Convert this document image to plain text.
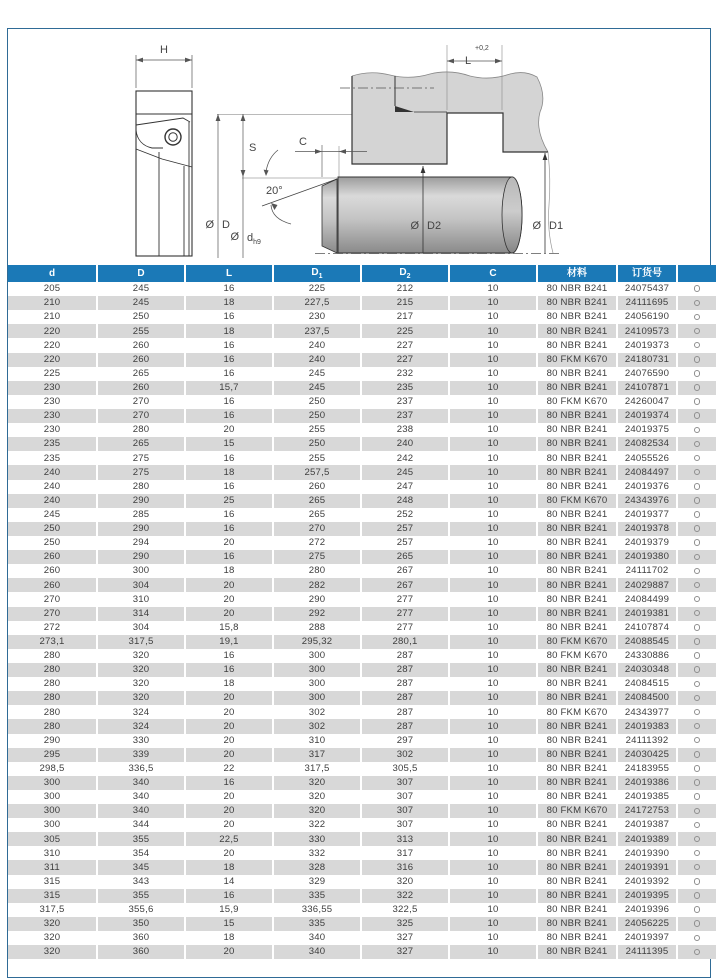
H
Ø D
S
Ø $d_{h9}$
20°
L
+0,2
C
Ø D2	Ø D1
d	D	L	$D_1$	$D_2$	C	材料	订货号	
205	245	16	225	212	10	80 NBR B241	24075437	
210	245	18	227,5	215	10	80 NBR B241	24111695	
210	250	16	230	217	10	80 NBR B241	24056190	
220	255	18	237,5	225	10	80 NBR B241	24109573	
220	260	16	240	227	10	80 NBR B241	24019373	
220	260	16	240	227	10	80 FKM K670	24180731	
225	265	16	245	232	10	80 NBR B241	24076590	
230	260	15,7	245	235	10	80 NBR B241	24107871	
230	270	16	250	237	10	80 FKM K670	24260047	
230	270	16	250	237	10	80 NBR B241	24019374	
230	280	20	255	238	10	80 NBR B241	24019375	
235	265	15	250	240	10	80 NBR B241	24082534	
235	275	16	255	242	10	80 NBR B241	24055526	
240	275	18	257,5	245	10	80 NBR B241	24084497	
240	280	16	260	247	10	80 NBR B241	24019376	
240	290	25	265	248	10	80 FKM K670	24343976	
245	285	16	265	252	10	80 NBR B241	24019377	
250	290	16	270	257	10	80 NBR B241	24019378	
250	294	20	272	257	10	80 NBR B241	24019379	
260	290	16	275	265	10	80 NBR B241	24019380	
260	300	18	280	267	10	80 NBR B241	24111702	
260	304	20	282	267	10	80 NBR B241	24029887	
270	310	20	290	277	10	80 NBR B241	24084499	
270	314	20	292	277	10	80 NBR B241	24019381	
272	304	15,8	288	277	10	80 NBR B241	24107874	
273,1	317,5	19,1	295,32	280,1	10	80 FKM K670	24088545	
280	320	16	300	287	10	80 FKM K670	24330886	
280	320	16	300	287	10	80 NBR B241	24030348	
280	320	18	300	287	10	80 NBR B241	24084515	
280	320	20	300	287	10	80 NBR B241	24084500	
280	324	20	302	287	10	80 FKM K670	24343977	
280	324	20	302	287	10	80 NBR B241	24019383	
290	330	20	310	297	10	80 NBR B241	24111392	
295	339	20	317	302	10	80 NBR B241	24030425	
298,5	336,5	22	317,5	305,5	10	80 NBR B241	24183955	
300	340	16	320	307	10	80 NBR B241	24019386	
300	340	20	320	307	10	80 NBR B241	24019385	
300	340	20	320	307	10	80 FKM K670	24172753	
300	344	20	322	307	10	80 NBR B241	24019387	
305	355	22,5	330	313	10	80 NBR B241	24019389	
310	354	20	332	317	10	80 NBR B241	24019390	
311	345	18	328	316	10	80 NBR B241	24019391	
315	343	14	329	320	10	80 NBR B241	24019392	
315	355	16	335	322	10	80 NBR B241	24019395	
317,5	355,6	15,9	336,55	322,5	10	80 NBR B241	24019396	
320	350	15	335	325	10	80 NBR B241	24056225	
320	360	18	340	327	10	80 NBR B241	24019397	
320	360	20	340	327	10	80 NBR B241	24111395	
